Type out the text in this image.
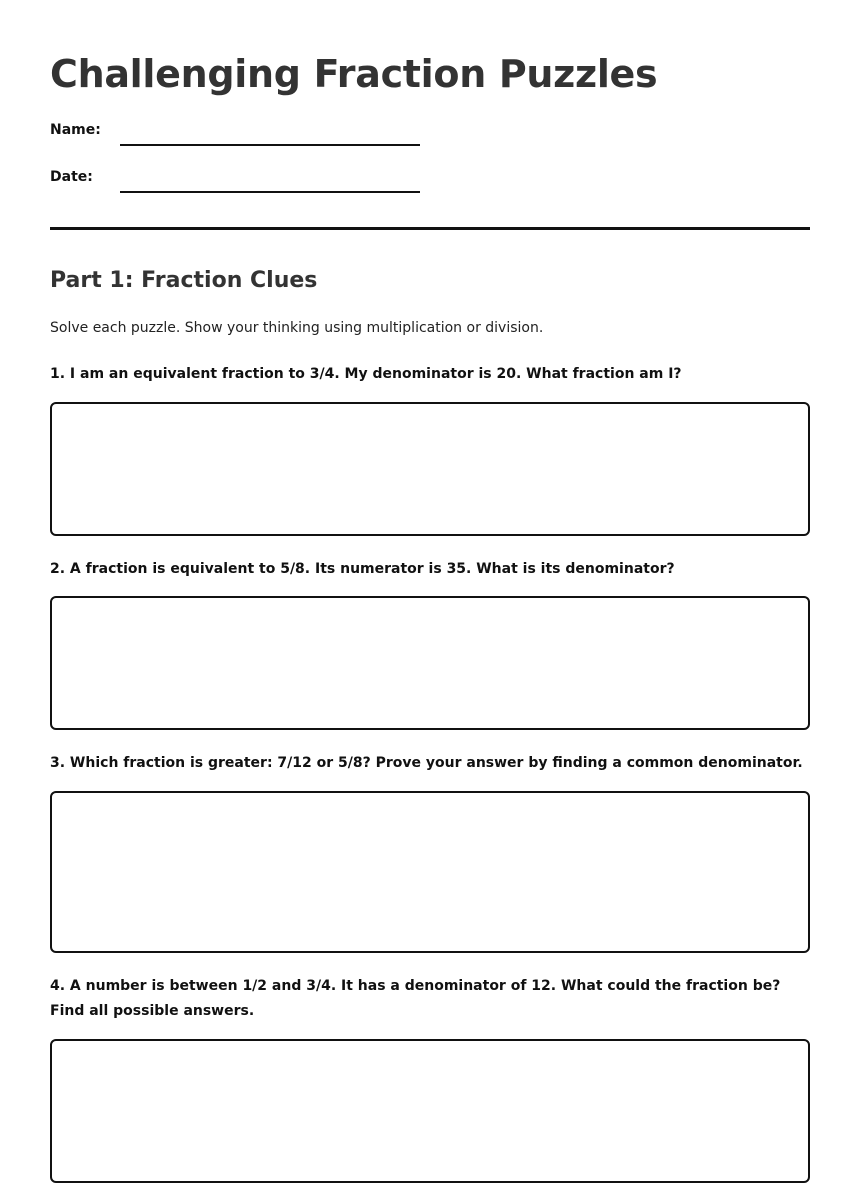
Challenging Fraction Puzzles
Name:
Date:
Part 1: Fraction Clues
Solve each puzzle. Show your thinking using multiplication or division.
1. I am an equivalent fraction to 3/4. My denominator is 20. What fraction am I?
2. A fraction is equivalent to 5/8. Its numerator is 35. What is its denominator?
3. Which fraction is greater: 7/12 or 5/8? Prove your answer by finding a common denominator.
4. A number is between 1/2 and 3/4. It has a denominator of 12. What could the fraction be? Find all possible answers.
